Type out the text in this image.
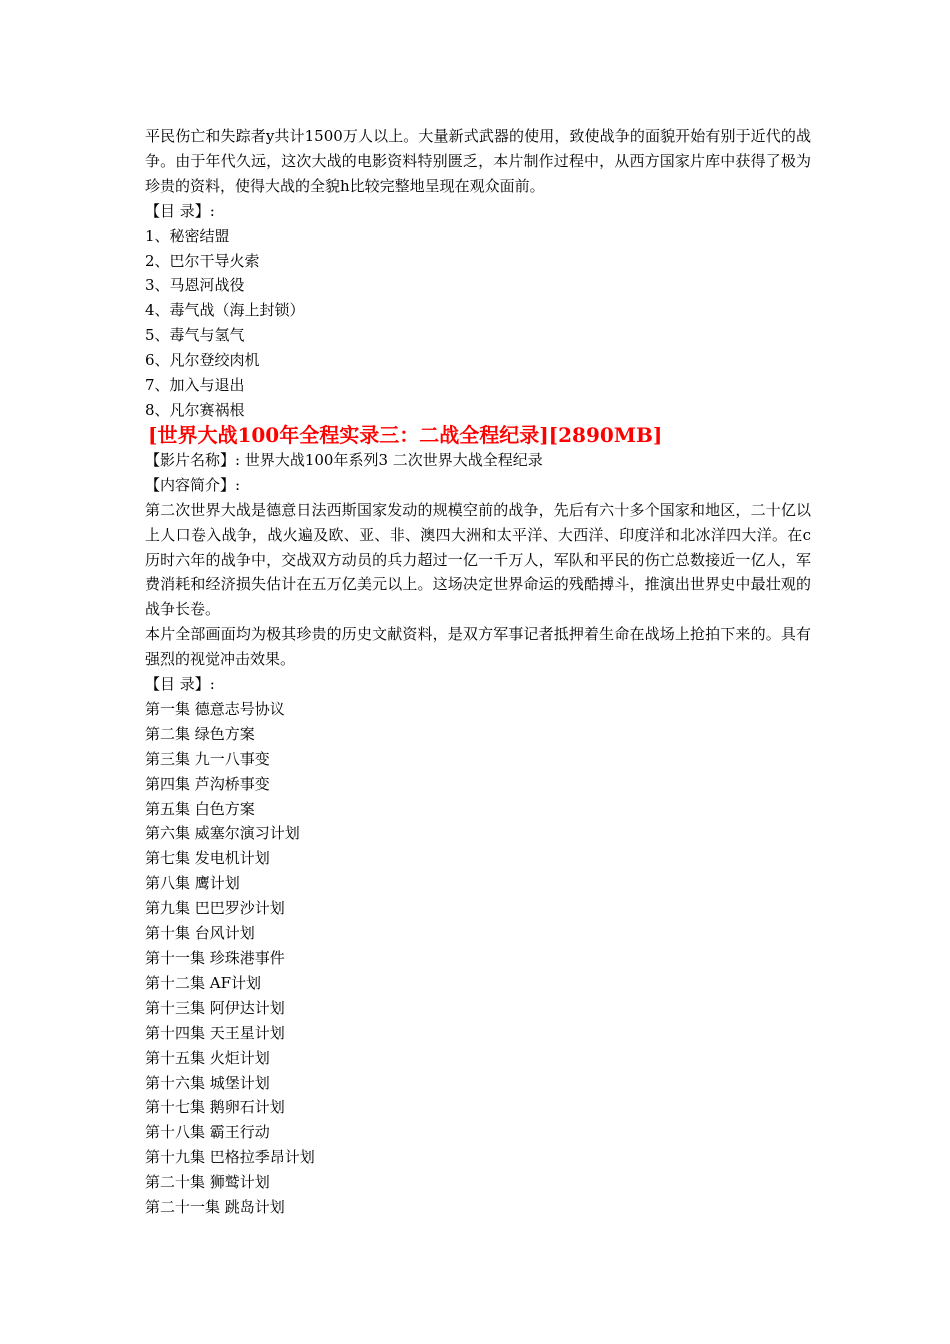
平民伤亡和失踪者y共计1500万人以上。大量新式武器的使用，致使战争的面貌开始有别于近代的战争。由于年代久远，这次大战的电影资料特别匮乏，本片制作过程中，从西方国家片库中获得了极为珍贵的资料，使得大战的全貌h比较完整地呈现在观众面前。

【目 录】:

1、秘密结盟

2、巴尔干导火索

3、马恩河战役

4、毒气战（海上封锁）

5、毒气与氢气

6、凡尔登绞肉机

7、加入与退出

8、凡尔赛祸根

[世界大战100年全程实录三：二战全程纪录][2890MB]

【影片名称】: 世界大战100年系列3 二次世界大战全程纪录

【内容简介】:

第二次世界大战是德意日法西斯国家发动的规模空前的战争，先后有六十多个国家和地区，二十亿以上人口卷入战争，战火遍及欧、亚、非、澳四大洲和太平洋、大西洋、印度洋和北冰洋四大洋。在c历时六年的战争中，交战双方动员的兵力超过一亿一千万人，军队和平民的伤亡总数接近一亿人，军费消耗和经济损失估计在五万亿美元以上。这场决定世界命运的残酷搏斗，推演出世界史中最壮观的战争长卷。

本片全部画面均为极其珍贵的历史文献资料，是双方军事记者抵押着生命在战场上抢拍下来的。具有强烈的视觉冲击效果。

【目 录】:

第一集 德意志号协议

第二集 绿色方案

第三集 九一八事变

第四集 芦沟桥事变

第五集 白色方案

第六集 威塞尔演习计划

第七集 发电机计划

第八集 鹰计划

第九集 巴巴罗沙计划

第十集 台风计划

第十一集 珍珠港事件

第十二集 AF计划

第十三集 阿伊达计划

第十四集 天王星计划

第十五集 火炬计划

第十六集 城堡计划

第十七集 鹅卵石计划

第十八集 霸王行动

第十九集 巴格拉季昂计划

第二十集 狮鹫计划

第二十一集 跳岛计划
